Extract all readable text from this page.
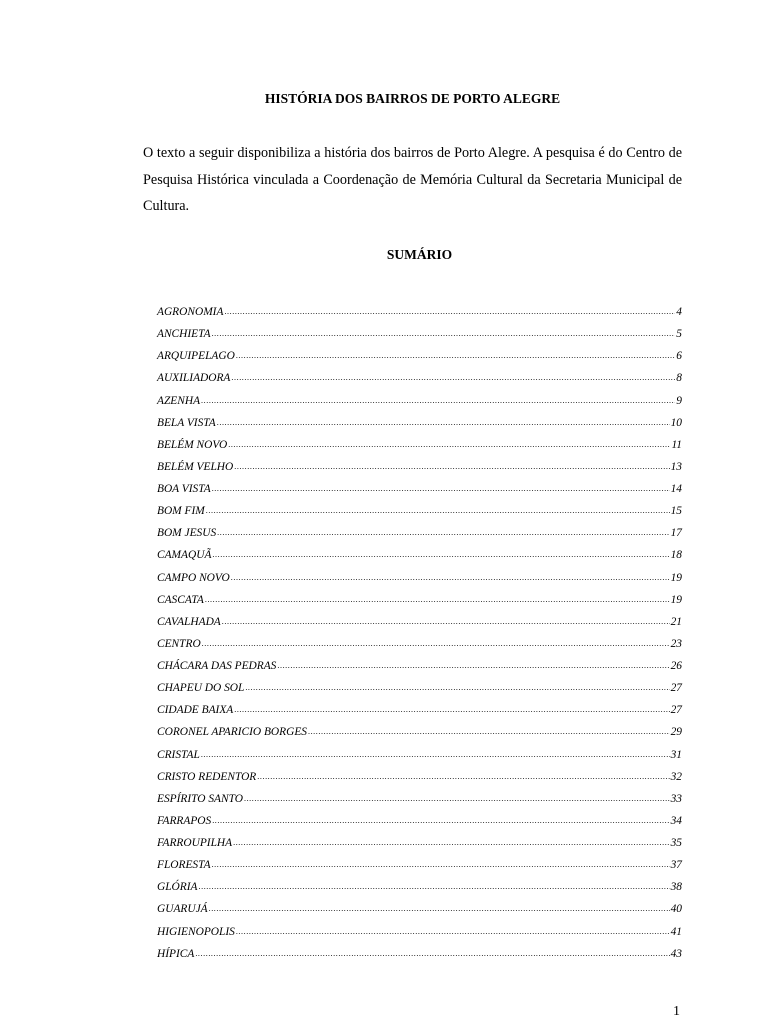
HISTÓRIA DOS BAIRROS DE PORTO ALEGRE

O texto a seguir disponibiliza a história dos bairros de Porto Alegre. A pesquisa é do Centro de Pesquisa Histórica vinculada a Coordenação de Memória Cultural da Secretaria Municipal de Cultura.

SUMÁRIO
AGRONOMIA .....	4
ANCHIETA .....	5
ARQUIPELAGO .....	6
AUXILIADORA .....	8
AZENHA .....	9
BELA VISTA .....	10
BELÉM NOVO .....	11
BELÉM VELHO .....	13
BOA VISTA .....	14
BOM FIM .....	15
BOM JESUS .....	17
CAMAQUÃ .....	18
CAMPO NOVO .....	19
CASCATA .....	19
CAVALHADA .....	21
CENTRO .....	23
CHÁCARA DAS PEDRAS .....	26
CHAPEU DO SOL .....	27
CIDADE BAIXA .....	27
CORONEL APARICIO BORGES .....	29
CRISTAL .....	31
CRISTO REDENTOR .....	32
ESPÍRITO SANTO .....	33
FARRAPOS .....	34
FARROUPILHA .....	35
FLORESTA .....	37
GLÓRIA .....	38
GUARUJÁ .....	40
HIGIENOPOLIS .....	41
HÍPICA .....	43
1
